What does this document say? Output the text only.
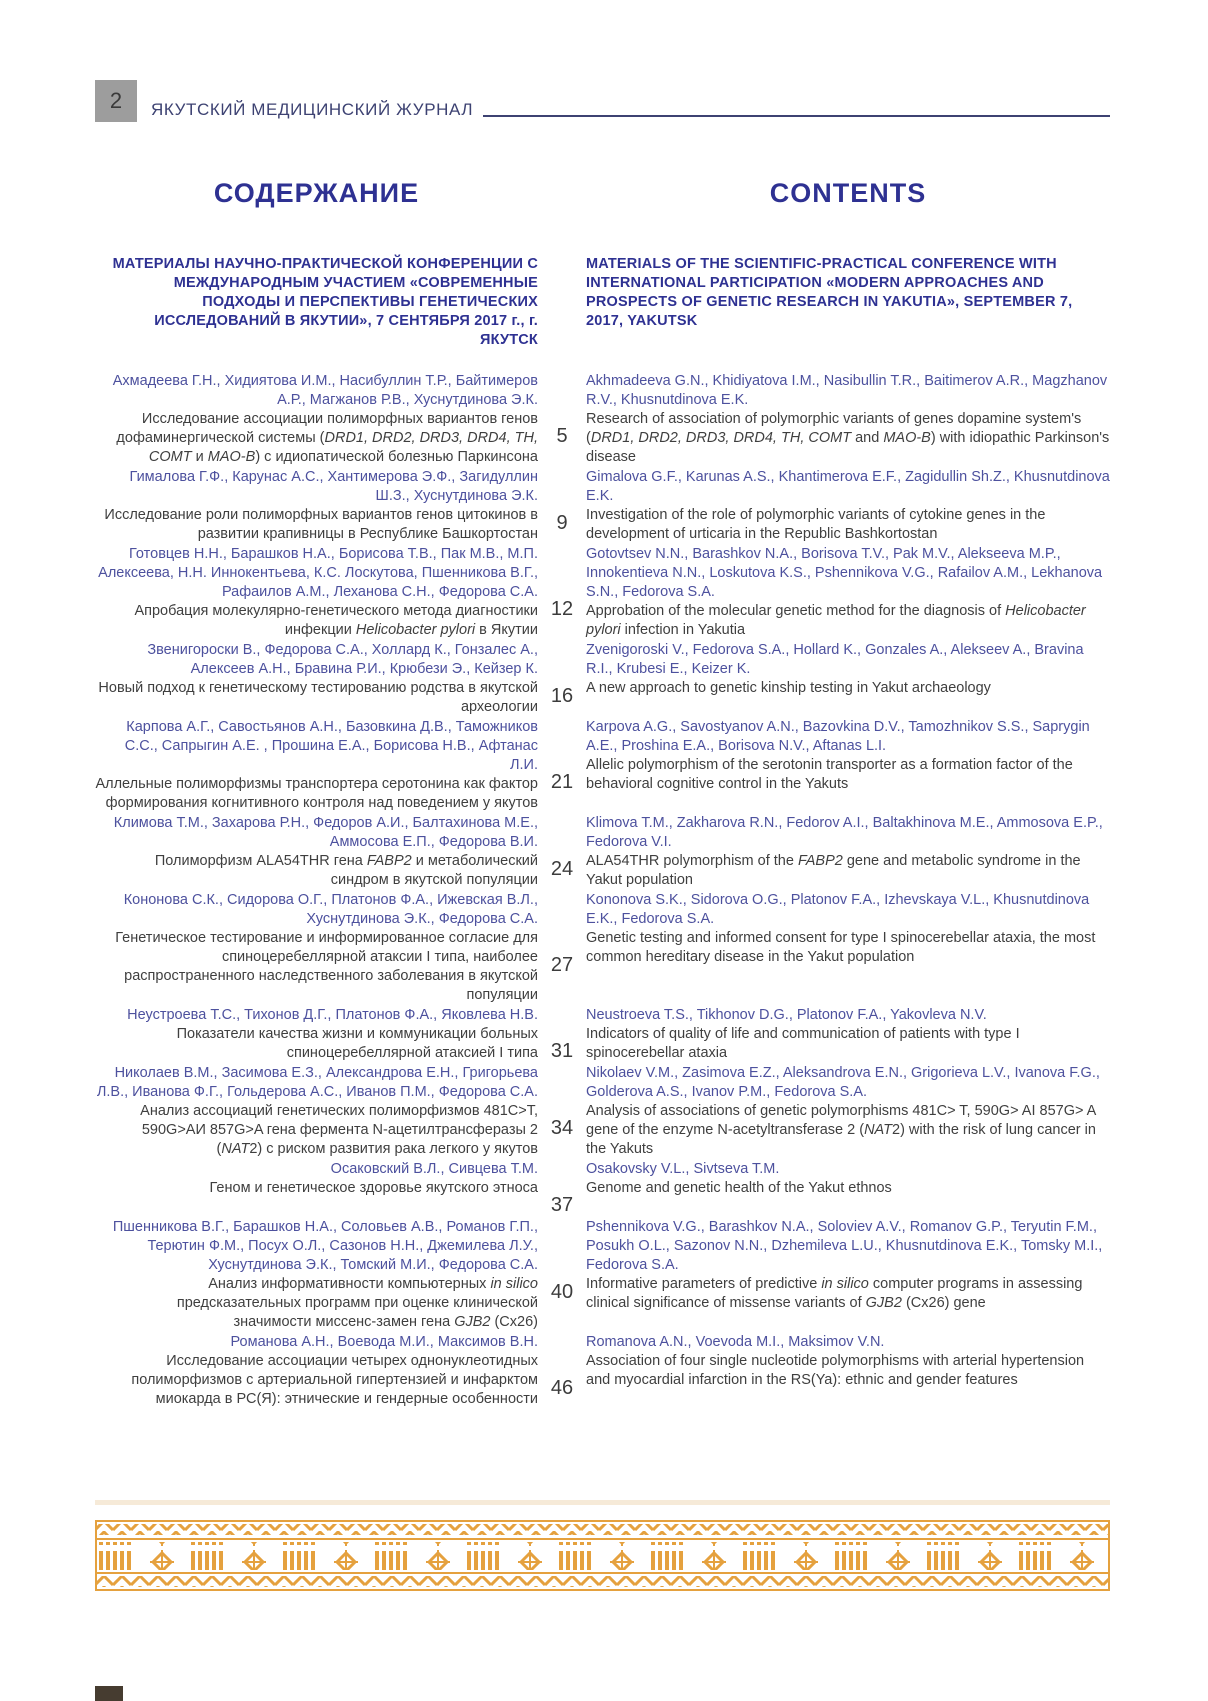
2 ЯКУТСКИЙ МЕДИЦИНСКИЙ ЖУРНАЛ
СОДЕРЖАНИЕ	CONTENTS
МАТЕРИАЛЫ НАУЧНО-ПРАКТИЧЕСКОЙ КОНФЕРЕНЦИИ С МЕЖДУНАРОДНЫМ УЧАСТИЕМ «СОВРЕМЕННЫЕ ПОДХОДЫ И ПЕРСПЕКТИВЫ ГЕНЕТИЧЕСКИХ ИССЛЕДОВАНИЙ В ЯКУТИИ», 7 СЕНТЯБРЯ 2017 г., г. ЯКУТСК
MATERIALS OF THE SCIENTIFIC-PRACTICAL CONFERENCE WITH INTERNATIONAL PARTICIPATION «MODERN APPROACHES AND PROSPECTS OF GENETIC RESEARCH IN YAKUTIA», SEPTEMBER 7, 2017, YAKUTSK
Ахмадеева Г.Н., Хидиятова И.М., Насибуллин Т.Р., Байтимеров А.Р., Магжанов Р.В., Хуснутдинова Э.К.
Исследование ассоциации полиморфных вариантов генов дофаминергической системы (DRD1, DRD2, DRD3, DRD4, TH, COMT и MAO-B) с идиопатической болезнью Паркинсона
5
Akhmadeeva G.N., Khidiyatova I.M., Nasibullin T.R., Baitimerov A.R., Magzhanov R.V., Khusnutdinova E.K.
Research of association of polymorphic variants of genes dopamine system's (DRD1, DRD2, DRD3, DRD4, TH, COMT and MAO-B) with idiopathic Parkinson's disease
Гималова Г.Ф., Карунас А.С., Хантимерова Э.Ф., Загидуллин Ш.З., Хуснутдинова Э.К.
Исследование роли полиморфных вариантов генов цитокинов в развитии крапивницы в Республике Башкортостан
9
Gimalova G.F., Karunas A.S., Khantimerova E.F., Zagidullin Sh.Z., Khusnutdinova E.K.
Investigation of the role of polymorphic variants of cytokine genes in the development of urticaria in the Republic Bashkortostan
Готовцев Н.Н., Барашков Н.А., Борисова Т.В., Пак М.В., М.П. Алексеева, Н.Н. Иннокентьева, К.С. Лоскутова, Пшенникова В.Г., Рафаилов А.М., Леханова С.Н., Федорова С.А.
Апробация молекулярно-генетического метода диагностики инфекции Helicobacter pylori в Якутии
12
Gotovtsev N.N., Barashkov N.A., Borisova T.V., Pak M.V., Alekseeva M.P., Innokentieva N.N., Loskutova K.S., Pshennikova V.G., Rafailov A.M., Lekhanova S.N., Fedorova S.A.
Approbation of the molecular genetic method for the diagnosis of Helicobacter pylori infection in Yakutia
Звенигороски В., Федорова С.А., Холлард К., Гонзалес А., Алексеев А.Н., Бравина Р.И., Крюбези Э., Кейзер К.
Новый подход к генетическому тестированию родства в якутской археологии
16
Zvenigoroski V., Fedorova S.A., Hollard K., Gonzales A., Alekseev A., Bravina R.I., Krubesi E., Keizer K.
A new approach to genetic kinship testing in Yakut archaeology
Карпова А.Г., Савостьянов А.Н., Базовкина Д.В., Таможников С.С., Сапрыгин А.Е. , Прошина Е.А., Борисова Н.В., Афтанас Л.И.
Аллельные полиморфизмы транспортера серотонина как фактор формирования когнитивного контроля над поведением у якутов
21
Karpova A.G., Savostyanov A.N., Bazovkina D.V., Tamozhnikov S.S., Saprygin A.E., Proshina E.A., Borisova N.V., Aftanas L.I.
Allelic polymorphism of the serotonin transporter as a formation factor of the behavioral cognitive control in the Yakuts
Климова Т.М., Захарова Р.Н., Федоров А.И., Балтахинова М.Е., Аммосова Е.П., Федорова В.И.
Полиморфизм ALA54THR гена FABP2 и метаболический синдром в якутской популяции
24
Klimova T.M., Zakharova R.N., Fedorov A.I., Baltakhinova M.E., Ammosova E.P., Fedorova V.I.
ALA54THR polymorphism of the FABP2 gene and metabolic syndrome in the Yakut population
Кононова С.К., Сидорова О.Г., Платонов Ф.А., Ижевская В.Л., Хуснутдинова Э.К., Федорова С.А.
Генетическое тестирование и информированное согласие для спиноцеребеллярной атаксии I типа, наиболее распространенного наследственного заболевания в якутской популяции
27
Kononova S.K., Sidorova O.G., Platonov F.A., Izhevskaya V.L., Khusnutdinova E.K., Fedorova S.A.
Genetic testing and informed consent for type I spinocerebellar ataxia, the most common hereditary disease in the Yakut population
Неустроева Т.С., Тихонов Д.Г., Платонов Ф.А., Яковлева Н.В.
Показатели качества жизни и коммуникации больных спиноцеребеллярной атаксией I типа 31
Neustroeva T.S., Tikhonov D.G., Platonov F.A., Yakovleva N.V.
Indicators of quality of life and communication of patients with type I spinocerebellar ataxia
Николаев В.М., Засимова Е.З., Александрова Е.Н., Григорьева Л.В., Иванова Ф.Г., Гольдерова А.С., Иванов П.М., Федорова С.А.
Анализ ассоциаций генетических полиморфизмов 481C>T, 590G>АИ 857G>A гена фермента N-ацетилтрансферазы 2 (NAT2) с риском развития рака легкого у якутов
34
Nikolaev V.M., Zasimova E.Z., Aleksandrova E.N., Grigorieva L.V., Ivanova F.G., Golderova A.S., Ivanov P.M., Fedorova S.A.
Analysis of associations of genetic polymorphisms 481C> T, 590G> AI 857G> A gene of the enzyme N-acetyltransferase 2 (NAT2) with the risk of lung cancer in the Yakuts
Осаковский В.Л., Сивцева Т.М.
Геном и генетическое здоровье якутского этноса
37
Osakovsky V.L., Sivtseva T.M.
Genome and genetic health of the Yakut ethnos
Пшенникова В.Г., Барашков Н.А., Соловьев А.В., Романов Г.П., Терютин Ф.М., Посух О.Л., Сазонов Н.Н., Джемилева Л.У., Хуснутдинова Э.К., Томский М.И., Федорова С.А.
Анализ информативности компьютерных in silico предсказательных программ при оценке клинической значимости миссенс-замен гена GJB2 (Cx26)
40
Pshennikova V.G., Barashkov N.A., Soloviev A.V., Romanov G.P., Teryutin F.M., Posukh O.L., Sazonov N.N., Dzhemileva L.U., Khusnutdinova E.K., Tomsky M.I., Fedorova S.A.
Informative parameters of predictive in silico computer programs in assessing clinical significance of missense variants of GJB2 (Cx26) gene
Романова А.Н., Воевода М.И., Максимов В.Н.
Исследование ассоциации четырех однонуклеотидных полиморфизмов с артериальной гипертензией и инфарктом миокарда в РС(Я): этнические и гендерные особенности
46
Romanova A.N., Voevoda M.I., Maksimov V.N.
Association of four single nucleotide polymorphisms with arterial hypertension and myocardial infarction in the RS(Ya): ethnic and gender features
